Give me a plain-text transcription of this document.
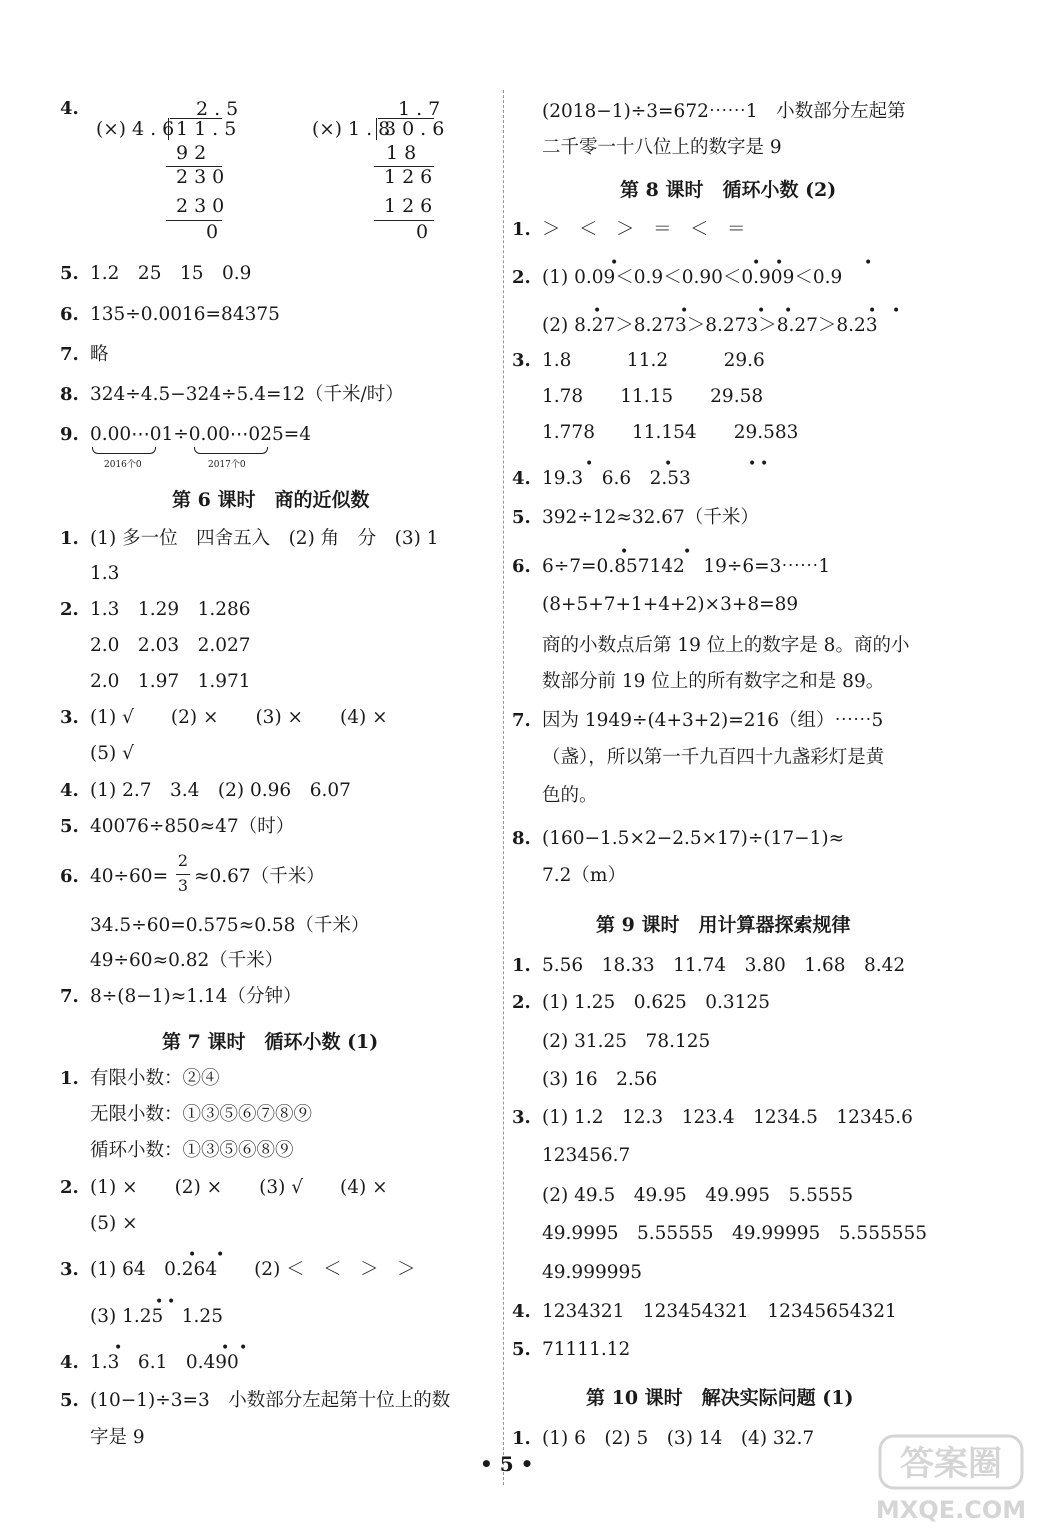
4.
(×)	(×)
2.5
4.6
11.5
92
230
230
0
1.7
1.8
30.6
18
126
126
0
5. 1.2　25　15　0.9
6. 135÷0.0016=84375
7. 略
8. 324÷4.5−324÷5.4=12（千米/时）
9. 0.00⋯01÷0.00⋯025=4
2016个0	2017个0
第 6 课时　商的近似数
1. (1) 多一位　四舍五入　(2) 角　分　(3) 1
1.3
2. 1.3　1.29　1.286
2.0　2.03　2.027
2.0　1.97　1.971
3. (1) √　　(2) ×　　(3) ×　　(4) ×
(5) √
4. (1) 2.7　3.4　(2) 0.96　6.07
5. 40076÷850≈47（时）
6. 40÷60=
2
3 ≈0.67（千米）
34.5÷60=0.575≈0.58（千米）
49÷60≈0.82（千米）
7. 8÷(8−1)≈1.14（分钟）
第 7 课时　循环小数 (1)
1. 有限小数：②④
无限小数：①③⑤⑥⑦⑧⑨
循环小数：①③⑤⑥⑧⑨
2. (1) ×　　(2) ×　　(3) √　　(4) ×
(5) ×
3. (1) 64　0.264　　(2) ＜　＜　＞　＞
• •
(3) 1.25　1.25
• •
4. 1.3　6.1　0.490
•	• •
5. (10−1)÷3=3　小数部分左起第十位上的数
字是 9
(2018−1)÷3=672⋯⋯1　小数部分左起第
二千零一十八位上的数字是 9
第 8 课时　循环小数 (2)
1. ＞　＜　＞　＝　＜　＝
2. (1) 0.09＜0.9＜0.90＜0.909＜0.9
•	• •	•
(2) 8.27＞8.273＞8.273＞8.27＞8.23
•	•	• •	• •
3. 1.8　　　11.2　　　29.6
1.78　　11.15　　29.58
1.778　　11.154　　29.583
4. 19.3　6.6　2.53
•	•	• •
5. 392÷12≈32.67（千米）
6. 6÷7=0.857142　19÷6=3⋯⋯1
•	•
(8+5+7+1+4+2)×3+8=89
商的小数点后第 19 位上的数字是 8。商的小
数部分前 19 位上的所有数字之和是 89。
7. 因为 1949÷(4+3+2)=216（组）⋯⋯5
（盏），所以第一千九百四十九盏彩灯是黄
色的。
8. (160−1.5×2−2.5×17)÷(17−1)≈
7.2（m）
第 9 课时　用计算器探索规律
1. 5.56　18.33　11.74　3.80　1.68　8.42
2. (1) 1.25　0.625　0.3125
(2) 31.25　78.125
(3) 16　2.56
3. (1) 1.2　12.3　123.4　1234.5　12345.6
123456.7
(2) 49.5　49.95　49.995　5.5555
49.9995　5.55555　49.99995　5.555555
49.999995
4. 1234321　123454321　12345654321
5. 71111.12
第 10 课时　解决实际问题 (1)
1. (1) 6　(2) 5　(3) 14　(4) 32.7
• 5 •	答案圈
MXQE.COM
